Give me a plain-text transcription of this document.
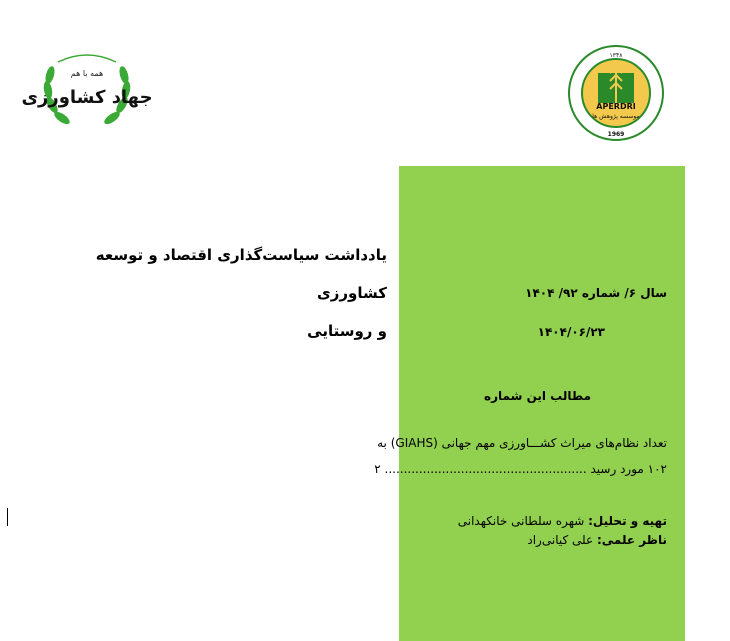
همه با هم
جهاد کشاورزی	APERDRI
موسسه پژوهش ها
۱۳۴۸
1969
یادداشت سیاست‌گذاری اقتصاد و توسعه کشاورزی
و روستایی
سال ۶/ شماره ۹۲/ ۱۴۰۴
۱۴۰۴/۰۶/۲۳
مطالب این شماره
تعداد نظام‌های میراث کشـــاورزی مهم جهانی (GIAHS) به
۱۰۲ مورد رسید ..................................................... ۲
تهیه و تحلیل: شهره سلطانی خانکهدانی
ناظر علمی: علی کیانی‌راد
